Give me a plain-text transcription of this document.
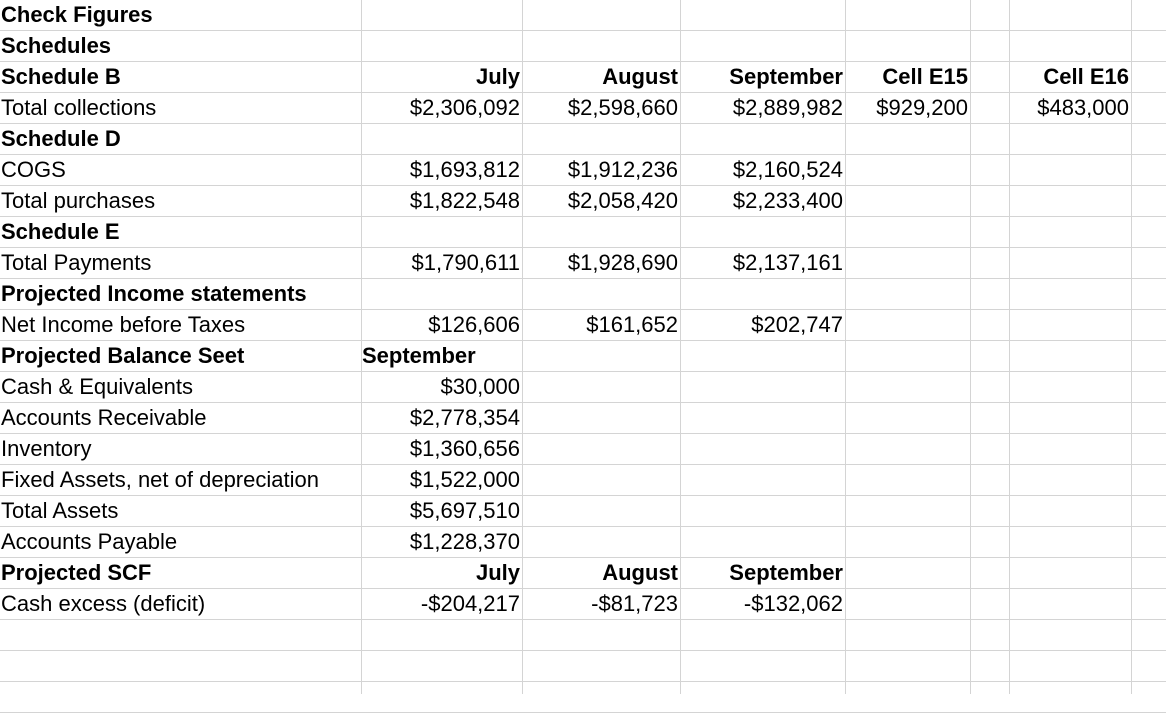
Check Figures
Schedules
Schedule B	July	August	September	Cell E15	Cell E16
Total collections	$2,306,092	$2,598,660	$2,889,982	$929,200	$483,000
Schedule D
COGS	$1,693,812	$1,912,236	$2,160,524
Total purchases	$1,822,548	$2,058,420	$2,233,400
Schedule E
Total Payments	$1,790,611	$1,928,690	$2,137,161
Projected Income statements
Net Income before Taxes	$126,606	$161,652	$202,747
Projected Balance Seet	September
Cash & Equivalents	$30,000
Accounts Receivable	$2,778,354
Inventory	$1,360,656
Fixed Assets, net of depreciation	$1,522,000
Total Assets	$5,697,510
Accounts Payable	$1,228,370
Projected SCF	July	August	September
Cash excess (deficit)	-$204,217	-$81,723	-$132,062
